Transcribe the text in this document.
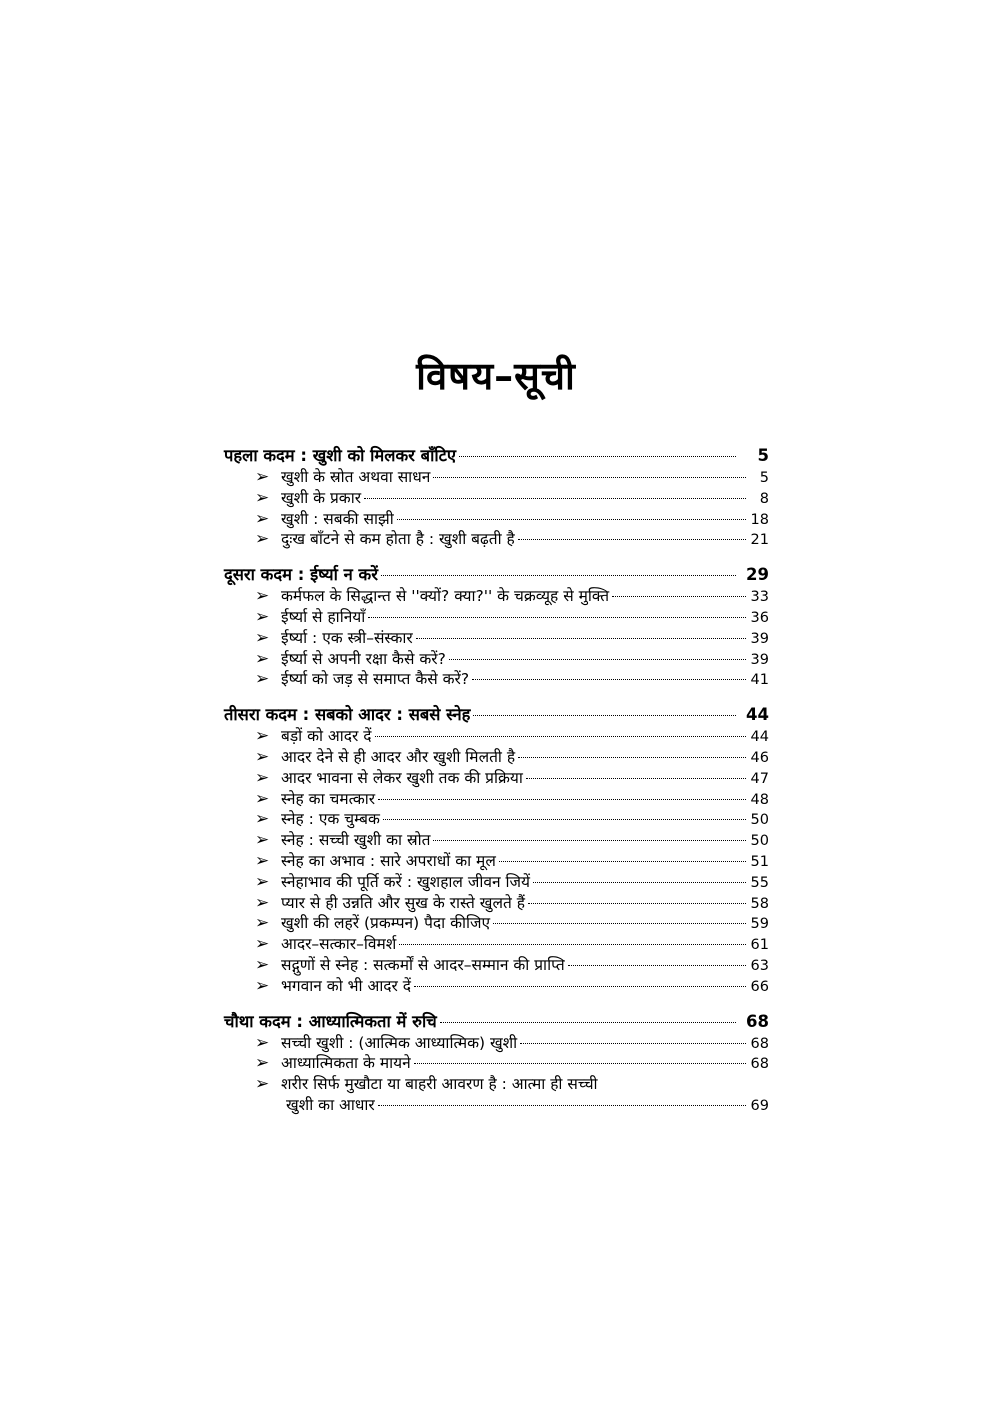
विषय–सूची
पहला कदम : खुशी को मिलकर बाँटिए	5
➢ खुशी के स्रोत अथवा साधन	5
➢ खुशी के प्रकार	8
➢ खुशी : सबकी साझी	18
➢ दुःख बाँटने से कम होता है : खुशी बढ़ती है	21
दूसरा कदम : ईर्ष्या न करें	29
➢ कर्मफल के सिद्धान्त से ''क्यों? क्या?'' के चक्रव्यूह से मुक्ति	33
➢ ईर्ष्या से हानियाँ	36
➢ ईर्ष्या : एक स्त्री–संस्कार	39
➢ ईर्ष्या से अपनी रक्षा कैसे करें?	39
➢ ईर्ष्या को जड़ से समाप्त कैसे करें?	41
तीसरा कदम : सबको आदर : सबसे स्नेह	44
➢ बड़ों को आदर दें	44
➢ आदर देने से ही आदर और खुशी मिलती है	46
➢ आदर भावना से लेकर खुशी तक की प्रक्रिया	47
➢ स्नेह का चमत्कार	48
➢ स्नेह : एक चुम्बक	50
➢ स्नेह : सच्ची खुशी का स्रोत	50
➢ स्नेह का अभाव : सारे अपराधों का मूल	51
➢ स्नेहाभाव की पूर्ति करें : खुशहाल जीवन जियें	55
➢ प्यार से ही उन्नति और सुख के रास्ते खुलते हैं	58
➢ खुशी की लहरें (प्रकम्पन) पैदा कीजिए	59
➢ आदर–सत्कार–विमर्श	61
➢ सद्गुणों से स्नेह : सत्कर्मों से आदर–सम्मान की प्राप्ति	63
➢ भगवान को भी आदर दें	66
चौथा कदम : आध्यात्मिकता में रुचि	68
➢ सच्ची खुशी : (आत्मिक आध्यात्मिक) खुशी	68
➢ आध्यात्मिकता के मायने	68
➢ शरीर सिर्फ मुखौटा या बाहरी आवरण है : आत्मा ही सच्ची
खुशी का आधार	69
